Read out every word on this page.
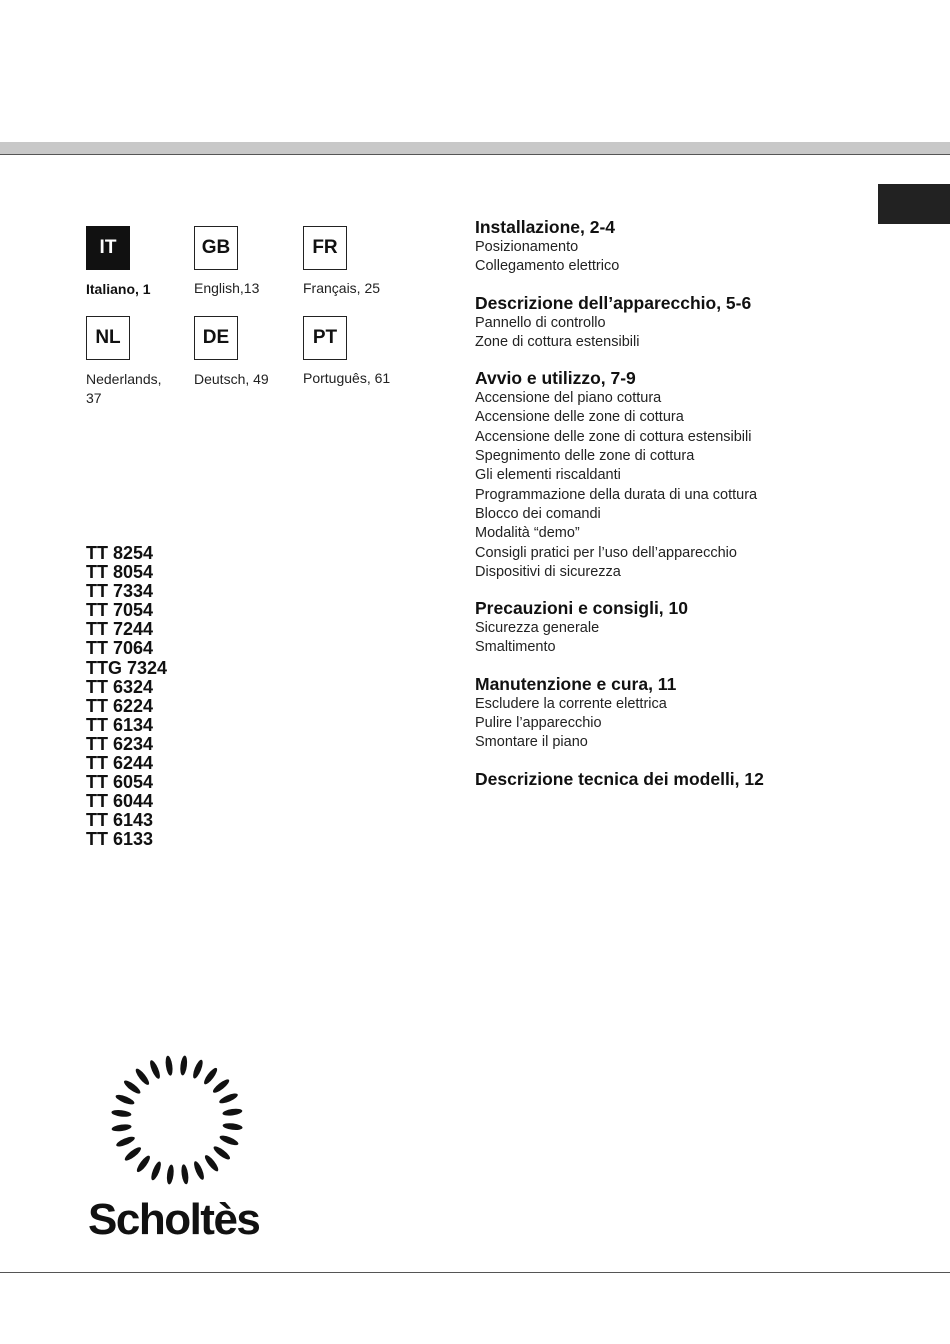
IT	GB	FR
Italiano, 1	English,13	Français, 25
NL	DE	PT
Nederlands, 37
Deutsch, 49	Português, 61
TT 8254
TT 8054
TT 7334
TT 7054
TT 7244
TT 7064
TTG 7324
TT 6324
TT 6224
TT 6134
TT 6234
TT 6244
TT 6054
TT 6044
TT 6143
TT 6133
Installazione, 2-4
Posizionamento
Collegamento elettrico
Descrizione dell’apparecchio, 5-6
Pannello di controllo
Zone di cottura estensibili
Avvio e utilizzo, 7-9
Accensione del piano cottura
Accensione delle zone di cottura
Accensione delle zone di cottura estensibili
Spegnimento delle zone di cottura
Gli elementi riscaldanti
Programmazione della durata di una cottura
Blocco dei comandi
Modalità “demo”
Consigli pratici per l’uso dell’apparecchio
Dispositivi di sicurezza
Precauzioni e consigli, 10
Sicurezza generale
Smaltimento
Manutenzione e cura, 11
Escludere la corrente elettrica
Pulire l’apparecchio
Smontare il piano
Descrizione tecnica dei modelli, 12
Scholtès
